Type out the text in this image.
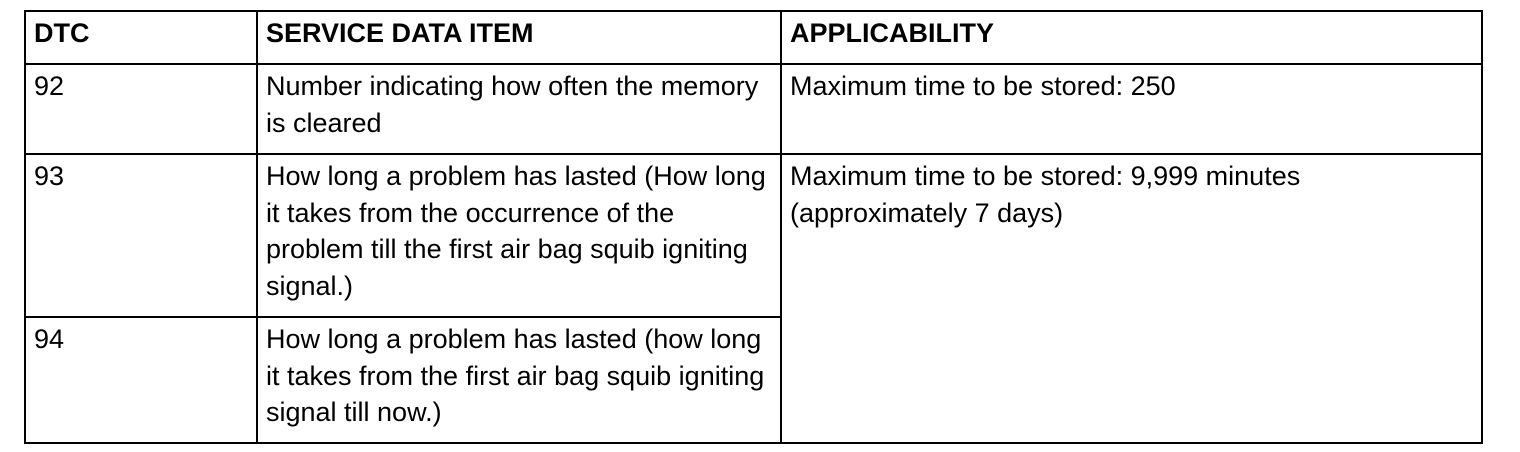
DTC	SERVICE DATA ITEM	APPLICABILITY
92	Number indicating how often the memory is cleared	Maximum time to be stored: 250
93	How long a problem has lasted (How long it takes from the occurrence of the problem till the first air bag squib igniting signal.)	Maximum time to be stored: 9,999 minutes (approximately 7 days)
94	How long a problem has lasted (how long it takes from the first air bag squib igniting signal till now.)	
